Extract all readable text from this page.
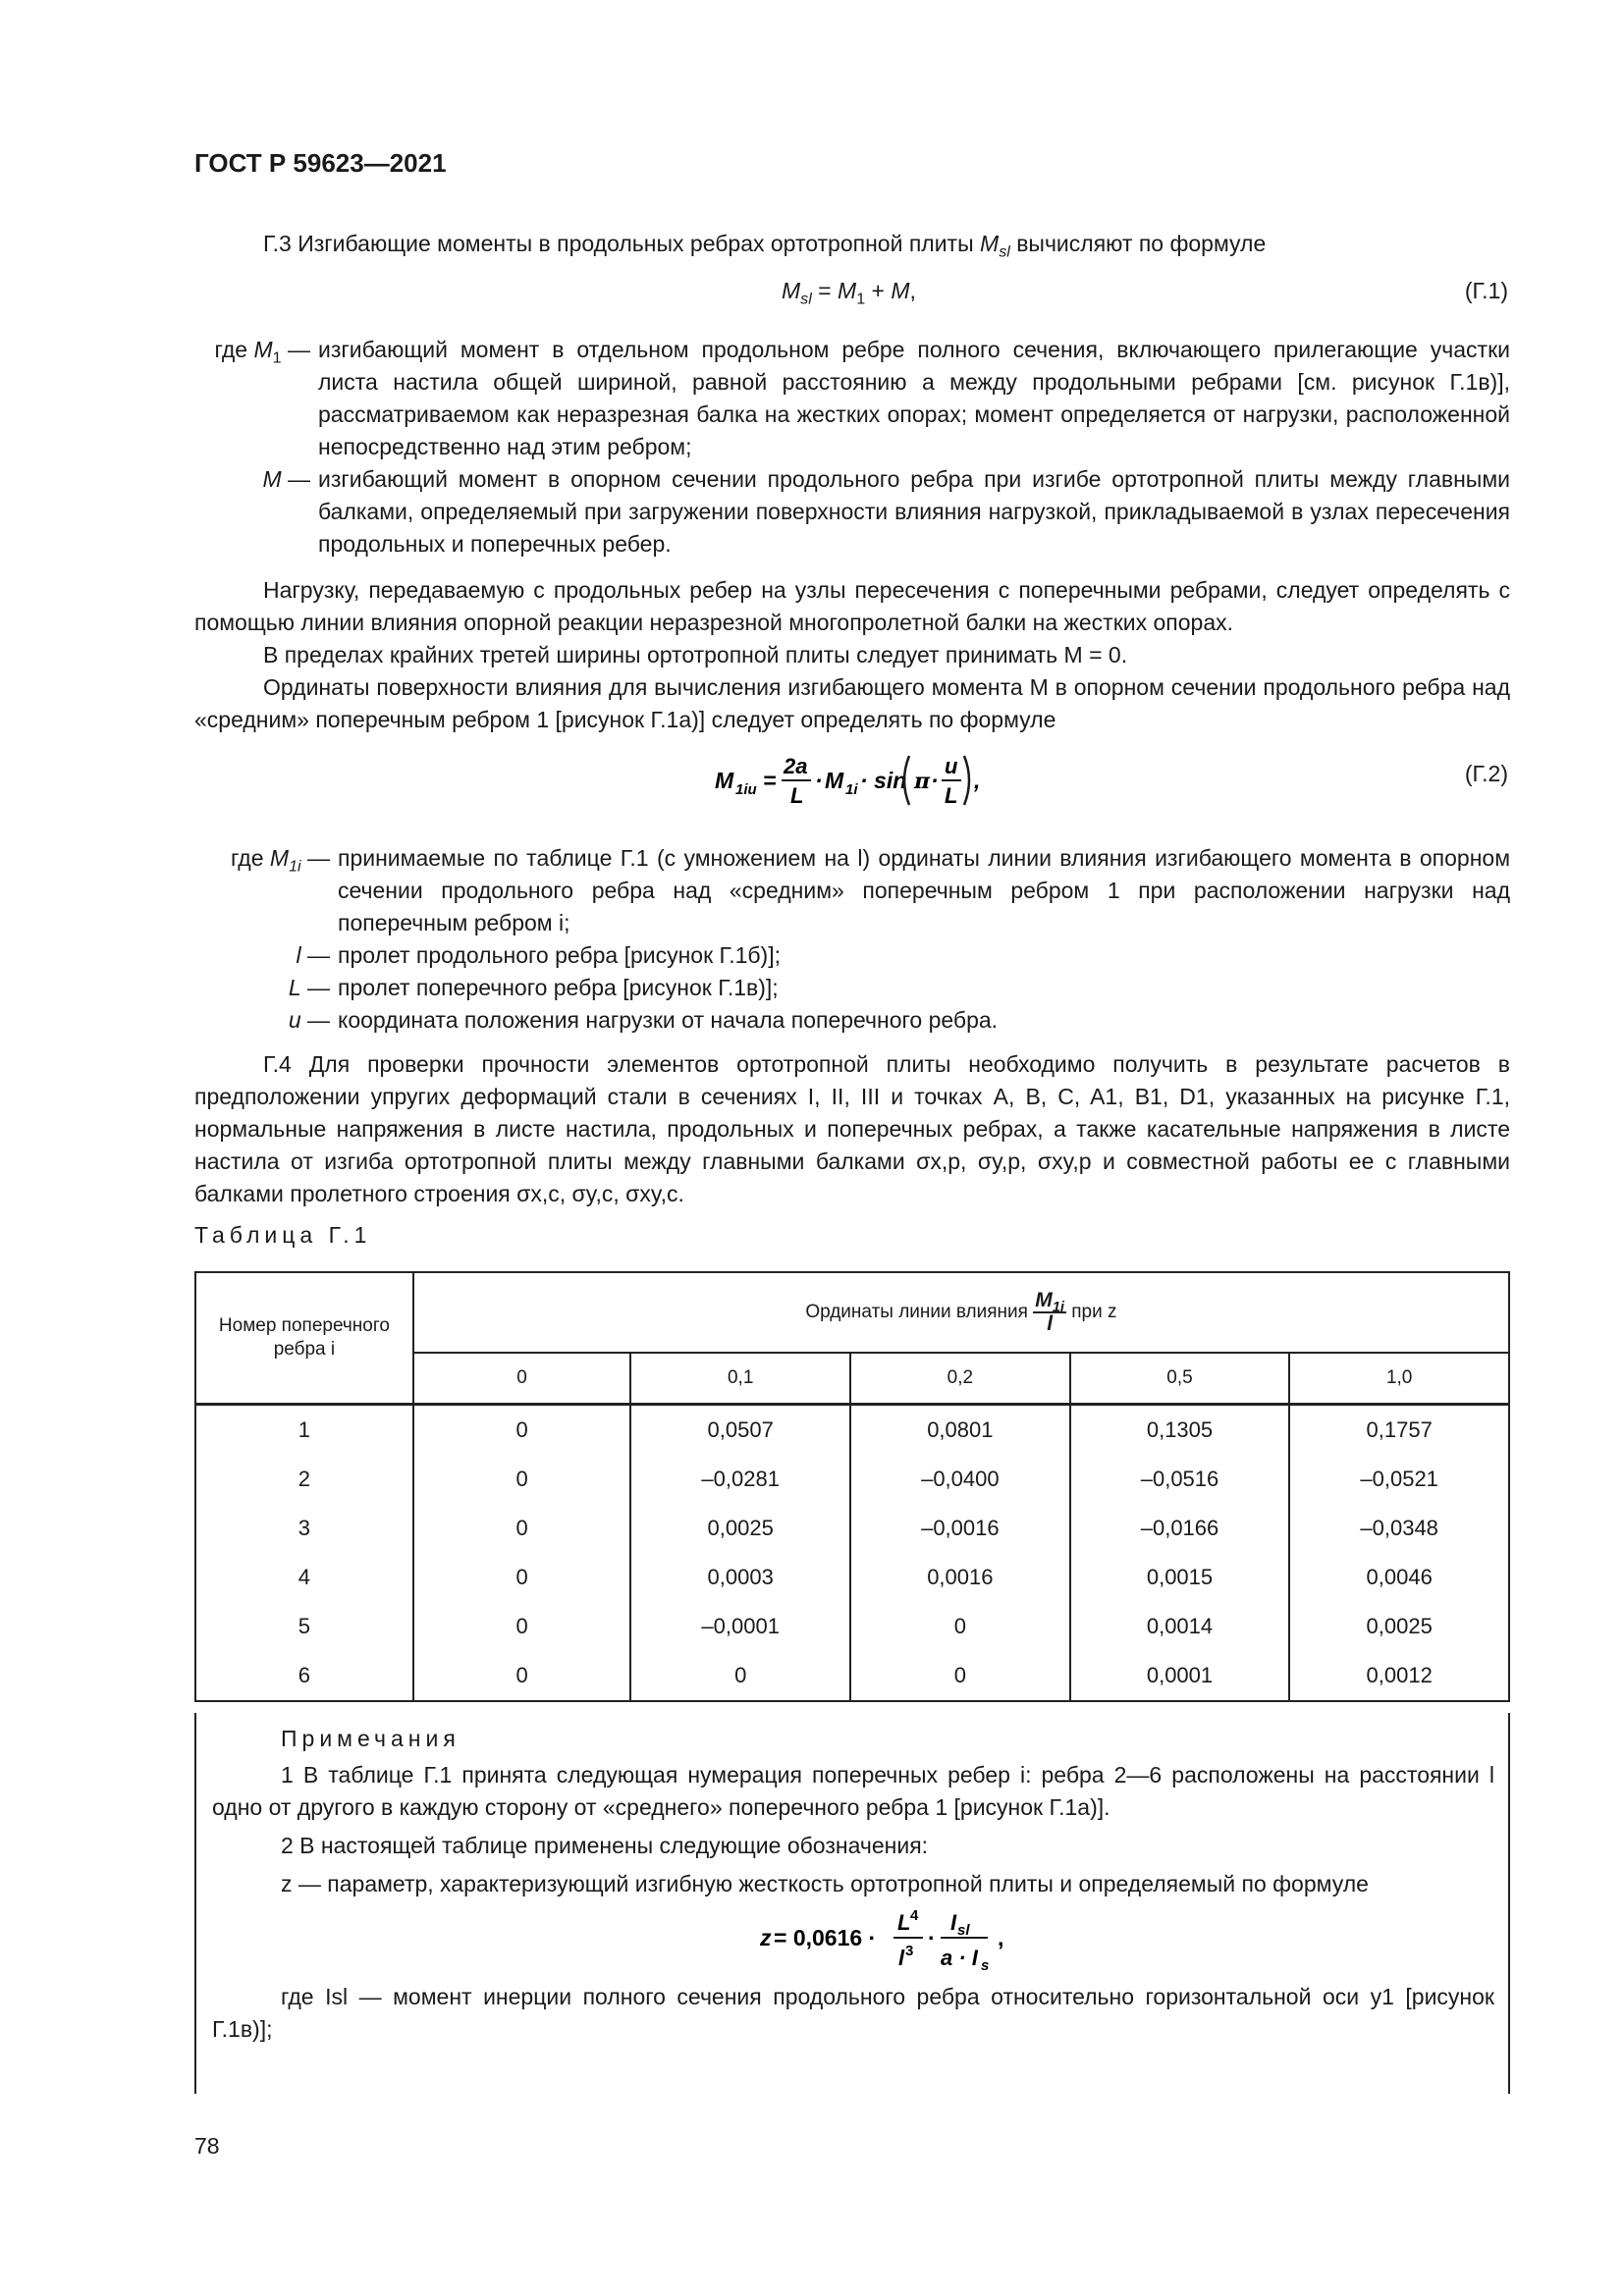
ГОСТ Р 59623—2021
Г.3 Изгибающие моменты в продольных ребрах ортотропной плиты $M_{sl}$ вычисляют по формуле
$M_{sl} = M_1 + M$,	(Г.1)
где $M_1$ — изгибающий момент в отдельном продольном ребре полного сечения, включающего прилегающие участки листа настила общей шириной, равной расстоянию a между продольными ребрами [см. рисунок Г.1в)], рассматриваемом как неразрезная балка на жестких опорах; момент определяется от нагрузки, расположенной непосредственно над этим ребром;
M — изгибающий момент в опорном сечении продольного ребра при изгибе ортотропной плиты между главными балками, определяемый при загружении поверхности влияния нагрузкой, прикладываемой в узлах пересечения продольных и поперечных ребер.
Нагрузку, передаваемую с продольных ребер на узлы пересечения с поперечными ребрами, следует определять с помощью линии влияния опорной реакции неразрезной многопролетной балки на жестких опорах.
В пределах крайних третей ширины ортотропной плиты следует принимать M = 0.
Ординаты поверхности влияния для вычисления изгибающего момента M в опорном сечении продольного ребра над «средним» поперечным ребром 1 [рисунок Г.1а)] следует определять по формуле
M 1iu =
2a
L
· M 1i · sin π ·
u
L
,	(Г.2)
где $M_{1i}$ — принимаемые по таблице Г.1 (с умножением на l) ординаты линии влияния изгибающего момента в опорном сечении продольного ребра над «средним» поперечным ребром 1 при расположении нагрузки над поперечным ребром i;
l — пролет продольного ребра [рисунок Г.1б)];
L — пролет поперечного ребра [рисунок Г.1в)];
u — координата положения нагрузки от начала поперечного ребра.
Г.4 Для проверки прочности элементов ортотропной плиты необходимо получить в результате расчетов в предположении упругих деформаций стали в сечениях I, II, III и точках A, B, C, A1, B1, D1, указанных на рисунке Г.1, нормальные напряжения в листе настила, продольных и поперечных ребрах, а также касательные напряжения в листе настила от изгиба ортотропной плиты между главными балками σx,p, σy,p, σxy,p и совместной работы ее с главными балками пролетного строения σx,c, σy,c, σxy,c.
Таблица Г.1
Номер поперечного ребра i	Ординаты линии влияния $\frac{M_{1i}}{l}$ при z				
	0	0,1	0,2	0,5	1,0
1	0	0,0507	0,0801	0,1305	0,1757
2	0	–0,0281	–0,0400	–0,0516	–0,0521
3	0	0,0025	–0,0016	–0,0166	–0,0348
4	0	0,0003	0,0016	0,0015	0,0046
5	0	–0,0001	0	0,0014	0,0025
6	0	0	0	0,0001	0,0012
Примечания
1 В таблице Г.1 принята следующая нумерация поперечных ребер i: ребра 2—6 расположены на расстоянии l одно от другого в каждую сторону от «среднего» поперечного ребра 1 [рисунок Г.1а)].
2 В настоящей таблице применены следующие обозначения:
z — параметр, характеризующий изгибную жесткость ортотропной плиты и определяемый по формуле
z = 0,0616 ·
L 4
l 3
·
I sl
a · I s
,
где Isl — момент инерции полного сечения продольного ребра относительно горизонтальной оси y1 [рисунок Г.1в)];
78
